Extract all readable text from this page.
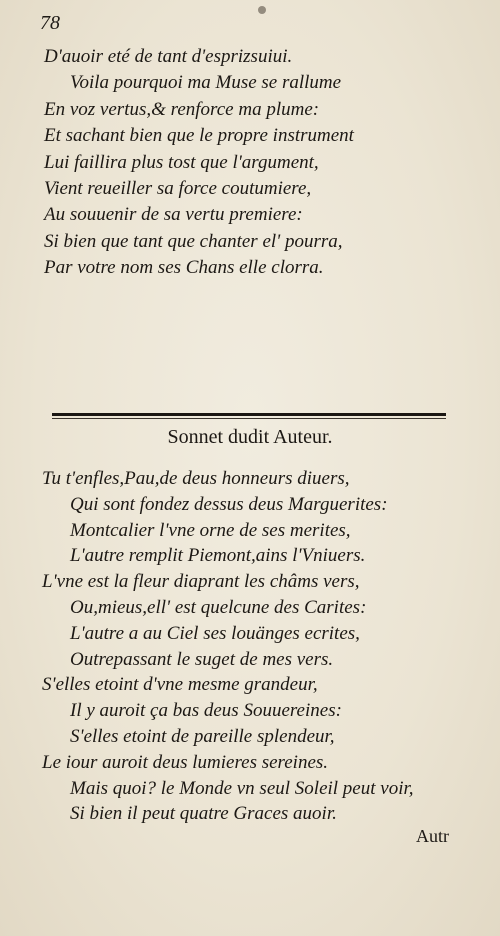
78
D'auoir eté de tant d'esprizsuiui.
Voila pourquoi ma Muse se rallume
En voz vertus,& renforce ma plume:
Et sachant bien que le propre instrument
Lui faillira plus tost que l'argument,
Vient reueiller sa force coutumiere,
Au souuenir de sa vertu premiere:
Si bien que tant que chanter el' pourra,
Par votre nom ses Chans elle clorra.
Sonnet dudit Auteur.
Tu t'enfles,Pau,de deus honneurs diuers,
Qui sont fondez dessus deus Marguerites:
Montcalier l'vne orne de ses merites,
L'autre remplit Piemont,ains l'Vniuers.
L'vne est la fleur diaprant les châms vers,
Ou,mieus,ell' est quelcune des Carites:
L'autre a au Ciel ses louänges ecrites,
Outrepassant le suget de mes vers.
S'elles etoint d'vne mesme grandeur,
Il y auroit ça bas deus Souuereines:
S'elles etoint de pareille splendeur,
Le iour auroit deus lumieres sereines.
Mais quoi? le Monde vn seul Soleil peut voir,
Si bien il peut quatre Graces auoir.
Autr
